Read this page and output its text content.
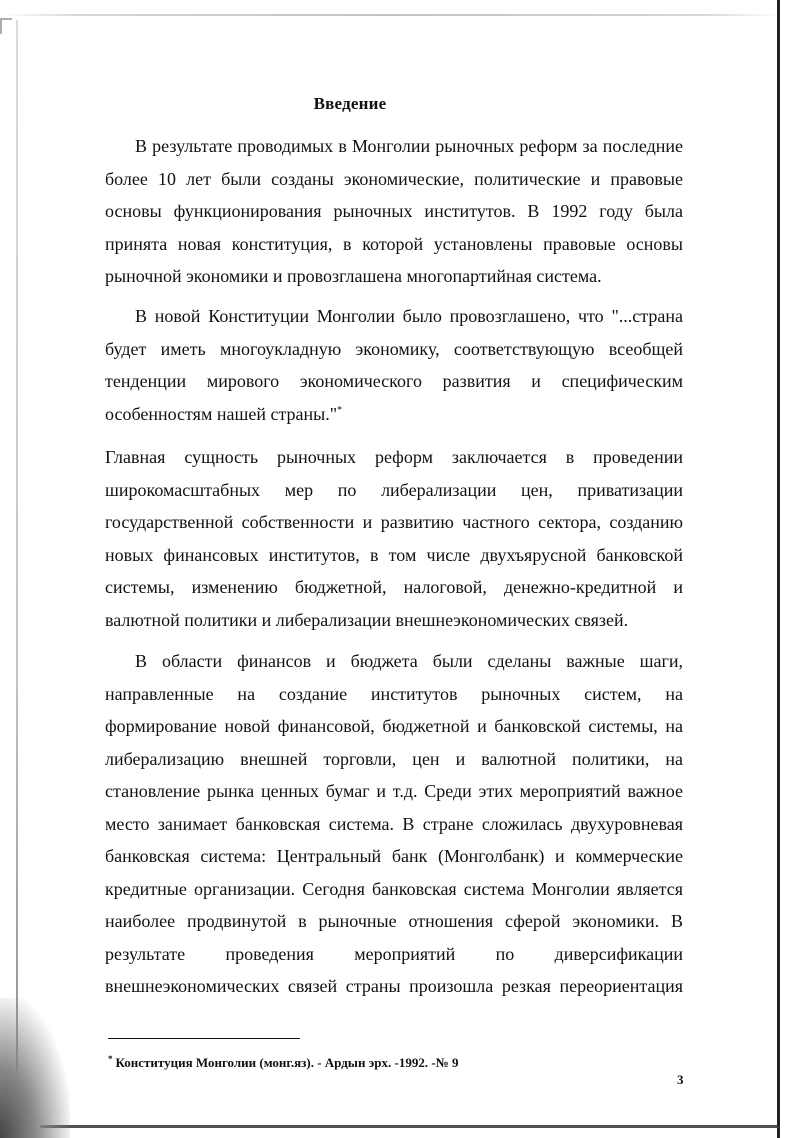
Введение
В результате проводимых в Монголии рыночных реформ за последние более 10 лет были созданы экономические, политические и правовые основы функционирования рыночных институтов. В 1992 году была принята новая конституция, в которой установлены правовые основы рыночной экономики и провозглашена многопартийная система.
В новой Конституции Монголии было провозглашено, что "...страна будет иметь многоукладную экономику, соответствующую всеобщей тенденции мирового экономического развития и специфическим особенностям нашей страны."*
Главная сущность рыночных реформ заключается в проведении широкомасштабных мер по либерализации цен, приватизации государственной собственности и развитию частного сектора, созданию новых финансовых институтов, в том числе двухъярусной банковской системы, изменению бюджетной, налоговой, денежно-кредитной и валютной политики и либерализации внешнеэкономических связей.
В области финансов и бюджета были сделаны важные шаги, направленные на создание институтов рыночных систем, на формирование новой финансовой, бюджетной и банковской системы, на либерализацию внешней торговли, цен и валютной политики, на становление рынка ценных бумаг и т.д. Среди этих мероприятий важное место занимает банковская система. В стране сложилась двухуровневая банковская система: Центральный банк (Монголбанк) и коммерческие кредитные организации. Сегодня банковская система Монголии является наиболее продвинутой в рыночные отношения сферой экономики. В результате проведения мероприятий по диверсификации внешнеэкономических связей страны произошла резкая переориентация
* Конституция Монголии (монг.яз). - Ардын эрх. -1992. -№ 9
3
